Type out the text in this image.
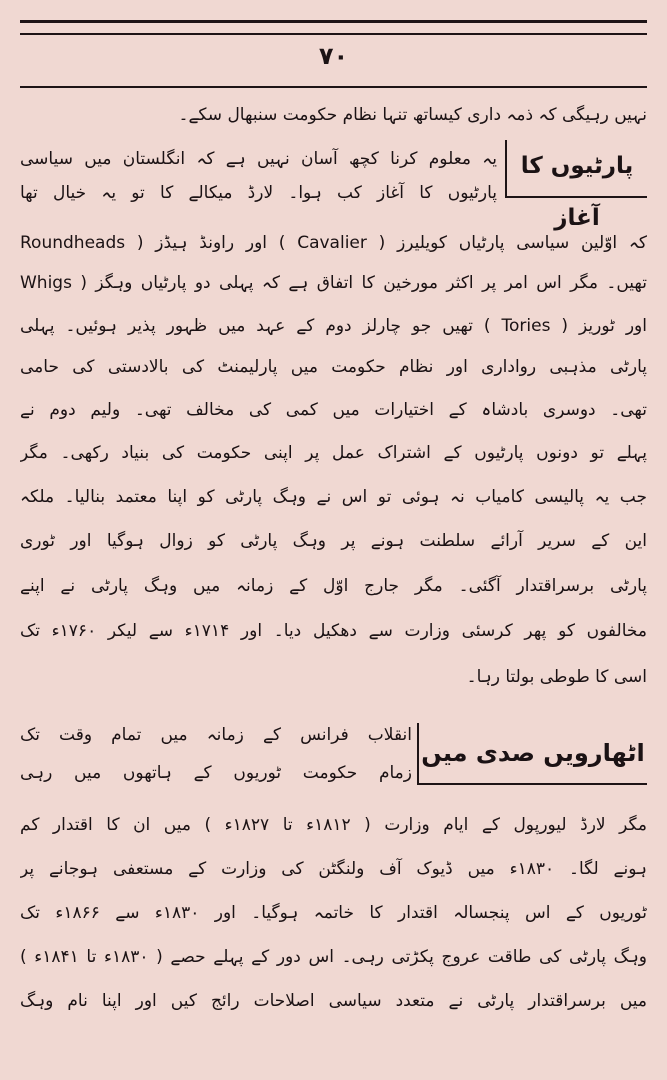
۷۰
نہیں رہیگی کہ ذمہ داری کیساتھ تنہا نظام حکومت سنبھال سکے۔
پارٹیوں کا آغاز
یہ معلوم کرنا کچھ آسان نہیں ہے کہ انگلستان میں سیاسی
پارٹیوں کا آغاز کب ہوا۔ لارڈ میکالے کا تو یہ خیال تھا
کہ اوّلین سیاسی پارٹیاں کویلیرز ( Cavalier ) اور راونڈ ہیڈز ( Roundheads
تھیں۔ مگر اس امر پر اکثر مورخین کا اتفاق ہے کہ پہلی دو پارٹیاں وہگز ( Whigs
اور ٹوریز ( Tories ) تھیں جو چارلز دوم کے عہد میں ظہور پذیر ہوئیں۔ پہلی
پارٹی مذہبی رواداری اور نظام حکومت میں پارلیمنٹ کی بالادستی کی حامی
تھی۔ دوسری بادشاہ کے اختیارات میں کمی کی مخالف تھی۔ ولیم دوم نے
پہلے تو دونوں پارٹیوں کے اشتراک عمل پر اپنی حکومت کی بنیاد رکھی۔ مگر
جب یہ پالیسی کامیاب نہ ہوئی تو اس نے وہگ پارٹی کو اپنا معتمد بنالیا۔ ملکہ
این کے سریر آرائے سلطنت ہونے پر وہگ پارٹی کو زوال ہوگیا اور ٹوری
پارٹی برسراقتدار آگئی۔ مگر جارج اوّل کے زمانہ میں وہگ پارٹی نے اپنے
مخالفوں کو پھر کرسئی وزارت سے دھکیل دیا۔ اور ۱۷۱۴ء سے لیکر ۱۷۶۰ء تک
اسی کا طوطی بولتا رہا۔
اٹھارویں صدی میں
انقلاب فرانس کے زمانہ میں تمام وقت تک
زمام حکومت ٹوریوں کے ہاتھوں میں رہی
مگر لارڈ لیورپول کے ایام وزارت ( ۱۸۱۲ء تا ۱۸۲۷ء ) میں ان کا اقتدار کم
ہونے لگا۔ ۱۸۳۰ء میں ڈیوک آف ولنگٹن کی وزارت کے مستعفی ہوجانے پر
ٹوریوں کے اس پنجسالہ اقتدار کا خاتمہ ہوگیا۔ اور ۱۸۳۰ء سے ۱۸۶۶ء تک
وہگ پارٹی کی طاقت عروج پکڑتی رہی۔ اس دور کے پہلے حصے ( ۱۸۳۰ء تا ۱۸۴۱ء )
میں برسراقتدار پارٹی نے متعدد سیاسی اصلاحات رائج کیں اور اپنا نام وہگ
